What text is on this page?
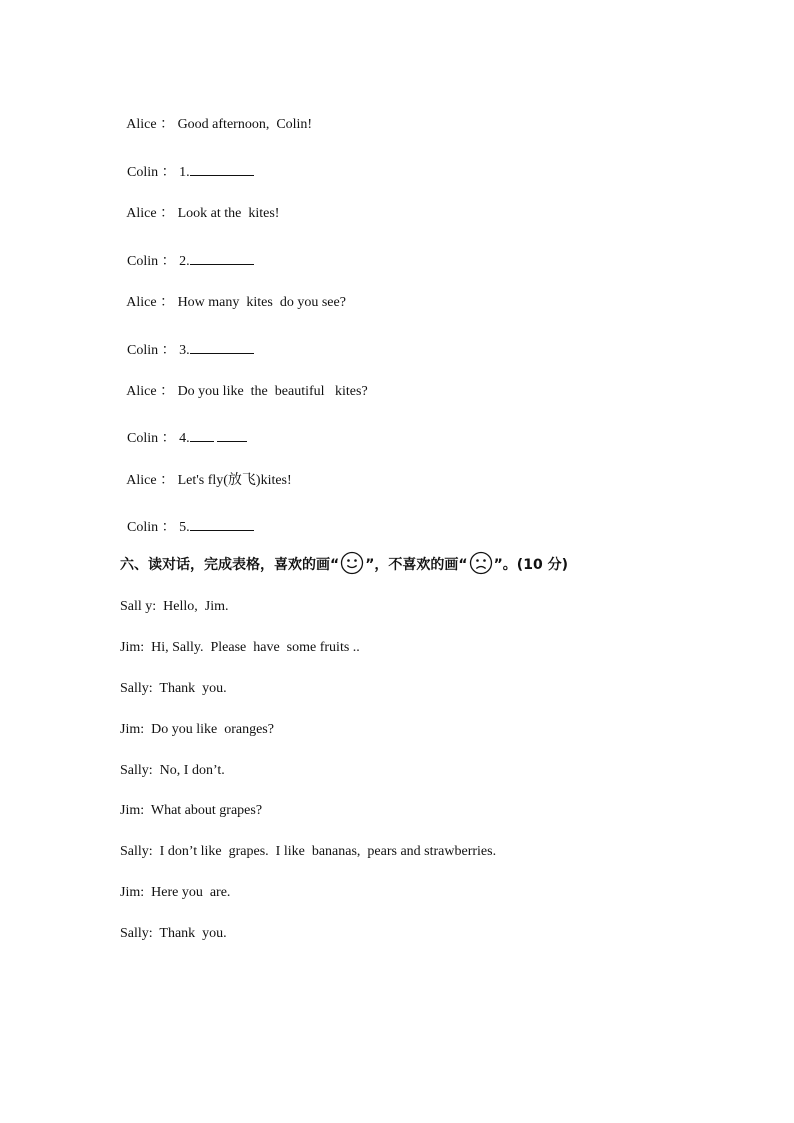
Alice ： Good afternoon,  Colin!

Colin ： 1.

Alice ： Look at the  kites!

Colin ： 2.

Alice ： How many  kites  do you see?

Colin ： 3.

Alice ： Do you like  the  beautiful   kites?

Colin ： 4.

Alice ： Let's fly(放飞)kites!

Colin ： 5.

六、读对话，完成表格，喜欢的画“ ”，不喜欢的画“ ”。(10 分)
Sall y:  Hello,  Jim.
Jim:  Hi, Sally.  Please  have  some fruits ..
Sally:  Thank  you.
Jim:  Do you like  oranges?
Sally:  No, I don’t.
Jim:  What about grapes?
Sally:  I don’t like  grapes.  I like  bananas,  pears and strawberries.
Jim:  Here you  are.
Sally:  Thank  you.
